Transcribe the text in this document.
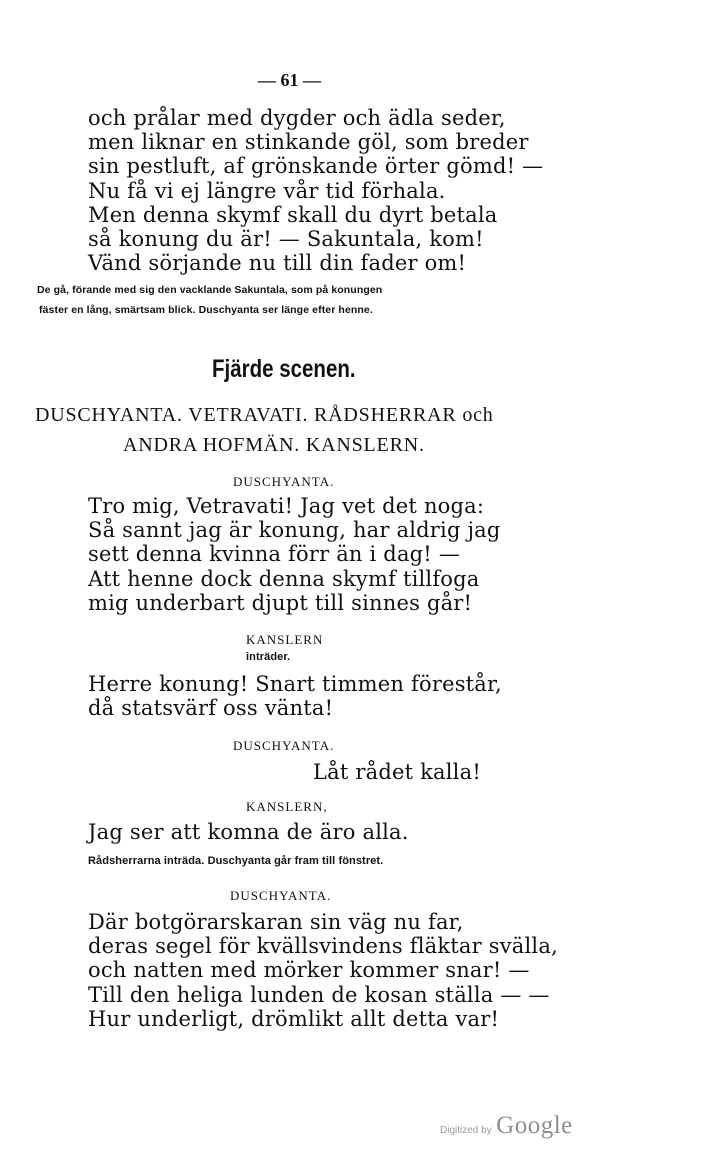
— 61 —
och prålar med dygder och ädla seder,
men liknar en stinkande göl, som breder
sin pestluft, af grönskande örter gömd! —
Nu få vi ej längre vår tid förhala.
Men denna skymf skall du dyrt betala
så konung du är! — Sakuntala, kom!
Vänd sörjande nu till din fader om!
De gå, förande med sig den vacklande Sakuntala, som på konungen
fäster en lång, smärtsam blick. Duschyanta ser länge efter henne.
Fjärde scenen.
DUSCHYANTA. VETRAVATI. RÅDSHERRAR och
ANDRA HOFMÄN. KANSLERN.
DUSCHYANTA.
Tro mig, Vetravati! Jag vet det noga:
Så sannt jag är konung, har aldrig jag
sett denna kvinna förr än i dag! —
Att henne dock denna skymf tillfoga
mig underbart djupt till sinnes går!
KANSLERN
inträder.
Herre konung! Snart timmen förestår,
då statsvärf oss vänta!
DUSCHYANTA.
Låt rådet kalla!
KANSLERN,
Jag ser att komna de äro alla.
Rådsherrarna inträda. Duschyanta går fram till fönstret.
DUSCHYANTA.
Där botgörarskaran sin väg nu far,
deras segel för kvällsvindens fläktar svälla,
och natten med mörker kommer snar! —
Till den heliga lunden de kosan ställa — —
Hur underligt, drömlikt allt detta var!
Digitized by Google
